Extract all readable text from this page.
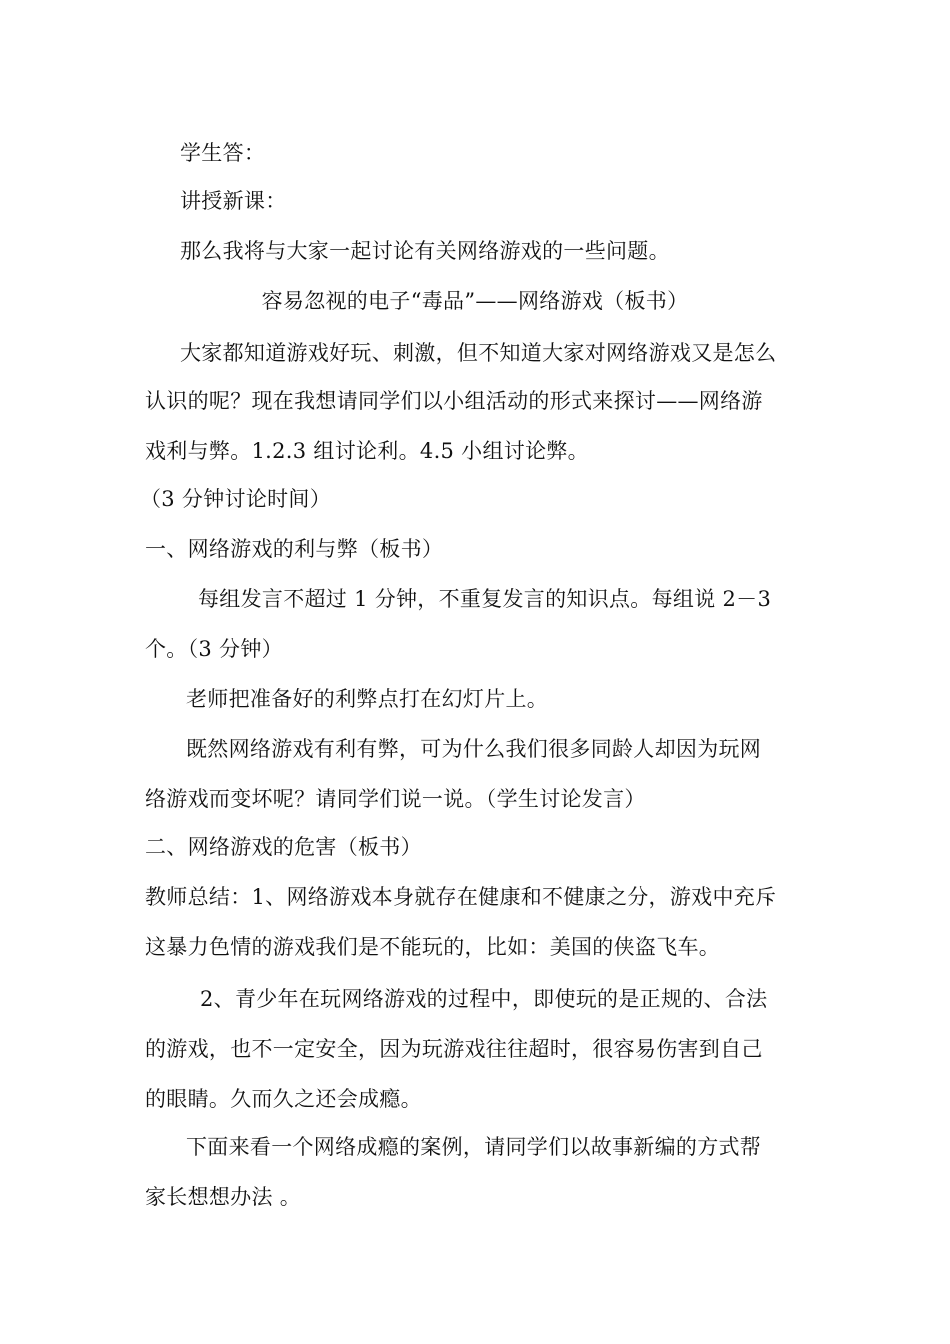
学生答：
讲授新课：
那么我将与大家一起讨论有关网络游戏的一些问题。
容易忽视的电子“毒品”——网络游戏（板书）
大家都知道游戏好玩、刺激，但不知道大家对网络游戏又是怎么
认识的呢？现在我想请同学们以小组活动的形式来探讨——网络游
戏利与弊。1.2.3 组讨论利。4.5 小组讨论弊。
（3 分钟讨论时间）
一、网络游戏的利与弊（板书）
每组发言不超过 1 分钟，不重复发言的知识点。每组说 2－3
个。（3 分钟）
老师把准备好的利弊点打在幻灯片上。
既然网络游戏有利有弊，可为什么我们很多同龄人却因为玩网
络游戏而变坏呢？请同学们说一说。（学生讨论发言）
二、网络游戏的危害（板书）
教师总结：1、网络游戏本身就存在健康和不健康之分，游戏中充斥
这暴力色情的游戏我们是不能玩的，比如：美国的侠盗飞车。
2、青少年在玩网络游戏的过程中，即使玩的是正规的、合法
的游戏，也不一定安全，因为玩游戏往往超时，很容易伤害到自己
的眼睛。久而久之还会成瘾。
下面来看一个网络成瘾的案例，请同学们以故事新编的方式帮
家长想想办法 。
